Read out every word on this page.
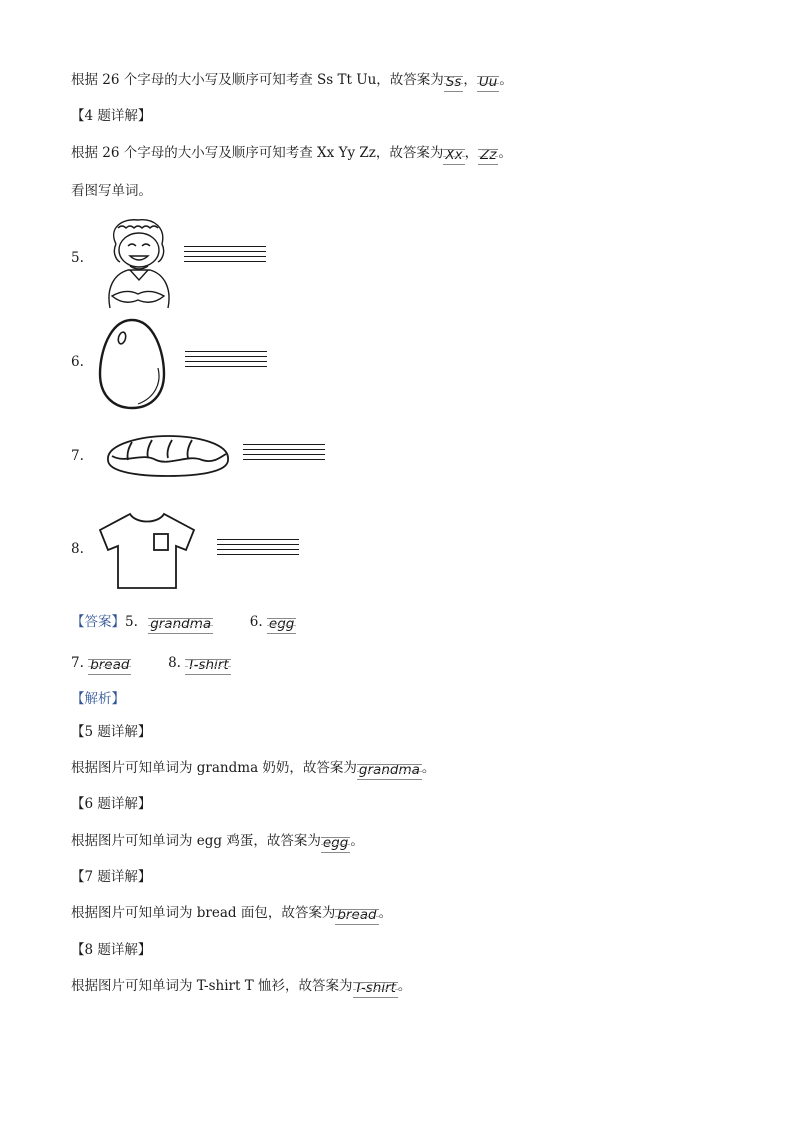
根据 26 个字母的大小写及顺序可知考查 Ss Tt Uu，故答案为 Ss ， Uu 。
【4 题详解】
根据 26 个字母的大小写及顺序可知考查 Xx Yy Zz，故答案为 Xx ， Zz 。
看图写单词。
5.
6.
7.
8.
【答案】5. grandma	6. egg
7. bread	8. T-shirt
【解析】
【5 题详解】
根据图片可知单词为 grandma 奶奶，故答案为 grandma 。
【6 题详解】
根据图片可知单词为 egg 鸡蛋，故答案为 egg 。
【7 题详解】
根据图片可知单词为 bread 面包，故答案为 bread 。
【8 题详解】
根据图片可知单词为 T-shirt T 恤衫，故答案为 T-shirt 。
